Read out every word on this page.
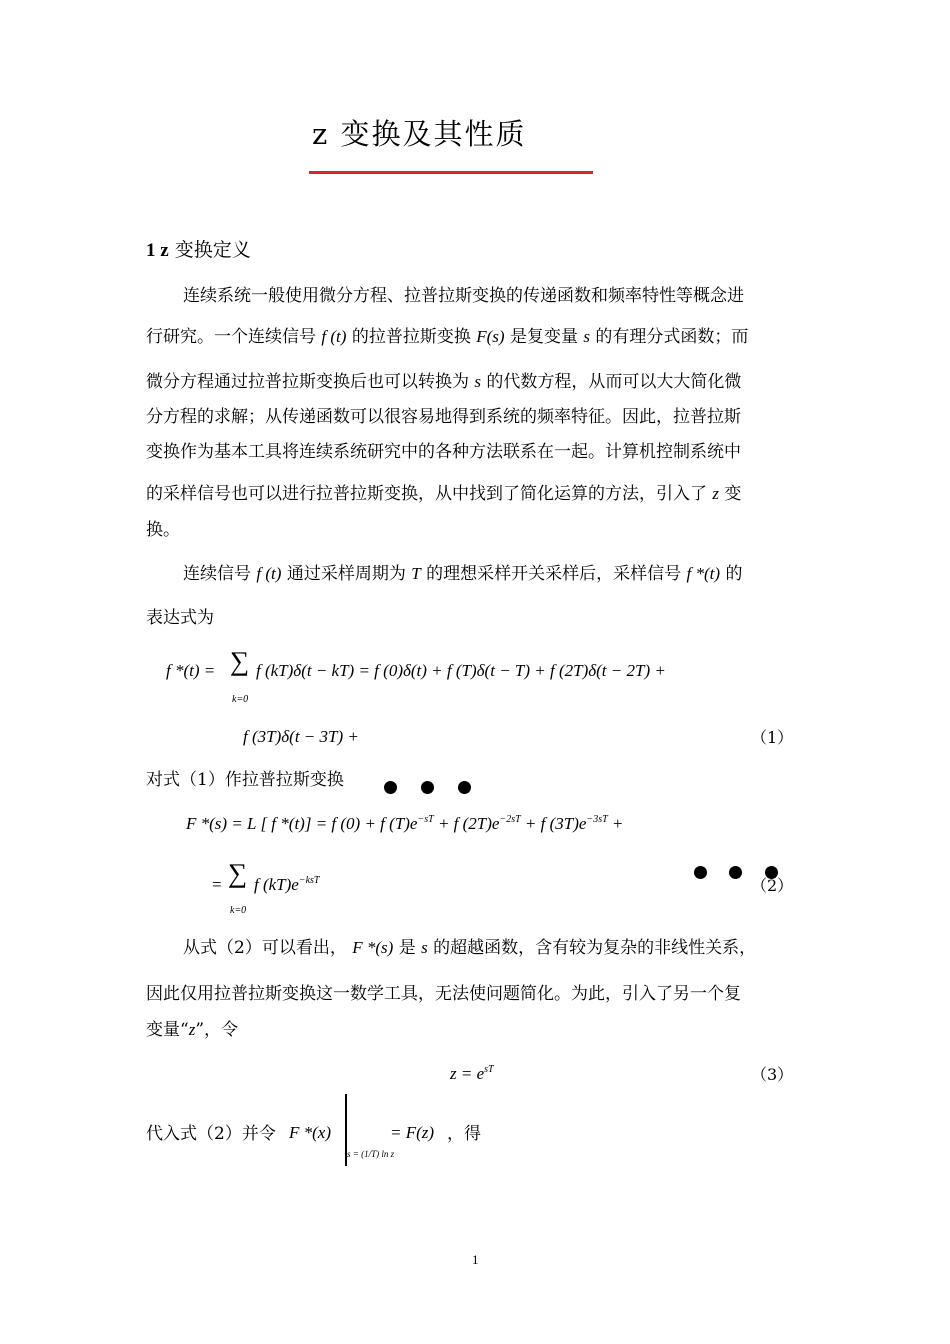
z 变换及其性质
1 z 变换定义
连续系统一般使用微分方程、拉普拉斯变换的传递函数和频率特性等概念进
行研究。一个连续信号 f (t) 的拉普拉斯变换 F(s) 是复变量 s 的有理分式函数；而
微分方程通过拉普拉斯变换后也可以转换为 s 的代数方程，从而可以大大简化微
分方程的求解；从传递函数可以很容易地得到系统的频率特征。因此，拉普拉斯
变换作为基本工具将连续系统研究中的各种方法联系在一起。计算机控制系统中
的采样信号也可以进行拉普拉斯变换，从中找到了简化运算的方法，引入了 z 变
换。
连续信号 f (t) 通过采样周期为 T 的理想采样开关采样后，采样信号 f *(t) 的
表达式为
f *(t) = ∑
k=0
f (kT)δ(t − kT) = f (0)δ(t) + f (T)δ(t − T) + f (2T)δ(t − 2T) +
f (3T)δ(t − 3T) +	（1）
对式（1）作拉普拉斯变换
F *(s) = L [ f *(t)] = f (0) + f $(T)e^{-sT} + f$ $(2T)e^{-2sT} + f$ $(3T)e^{-3sT}$ +
= ∑
k=0
f $(kT)e^{-ksT}$	（2）
从式（2）可以看出， F *(s) 是 s 的超越函数，含有较为复杂的非线性关系，
因此仅用拉普拉斯变换这一数学工具，无法使问题简化。为此，引入了另一个复
变量“z”，令
$z = e^{sT}$	（3）
代入式（2）并令 F *(x)
s = (1/T) ln z
= F(z) ，得
1
